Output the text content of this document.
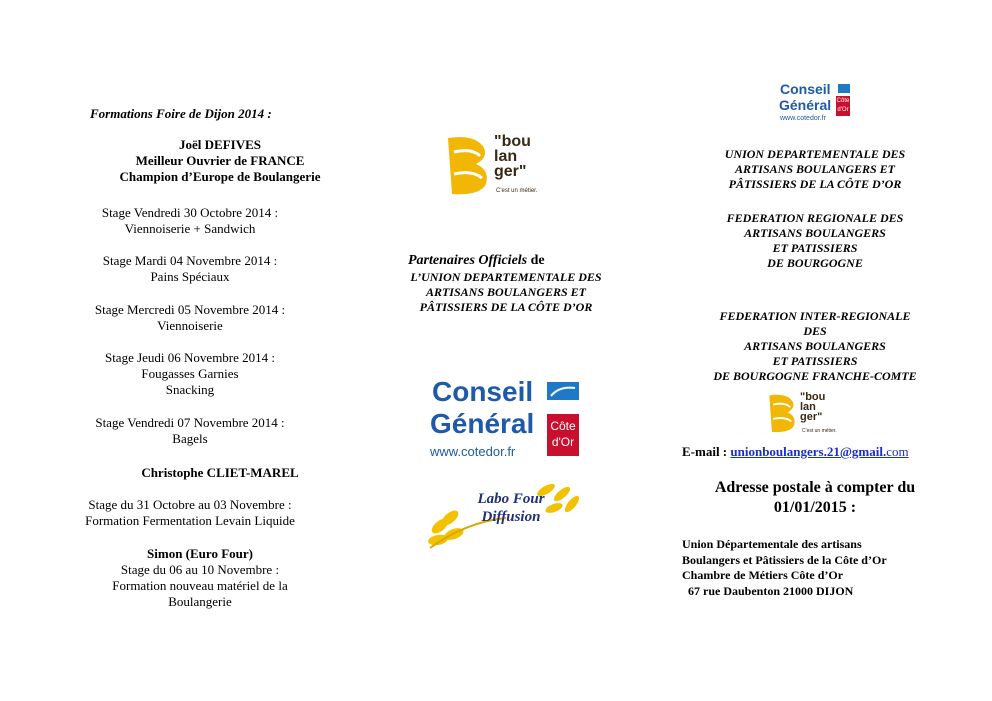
Formations Foire de Dijon 2014 :
Joël DEFIVES
Meilleur Ouvrier de FRANCE
Champion d’Europe de Boulangerie
Stage Vendredi 30 Octobre 2014 :
Viennoiserie + Sandwich
Stage Mardi 04 Novembre 2014 :
Pains Spéciaux
Stage Mercredi 05 Novembre 2014 :
Viennoiserie
Stage Jeudi 06 Novembre 2014 :
Fougasses Garnies
Snacking
Stage Vendredi 07 Novembre 2014 :
Bagels
Christophe CLIET-MAREL
Stage du 31 Octobre au 03 Novembre :
Formation Fermentation Levain Liquide
Simon (Euro Four)
Stage du 06 au 10 Novembre :
Formation nouveau matériel de la
Boulangerie
"bou
lan
ger"
C'est un métier.
Partenaires Officiels de
L’UNION DEPARTEMENTALE DES
ARTISANS BOULANGERS ET
PÂTISSIERS DE LA CÔTE D’OR
Conseil
Général Côte
d'Or
www.cotedor.fr
Labo Four
Diffusion
Conseil
Général Côte
d'Or
www.cotedor.fr
UNION DEPARTEMENTALE DES
ARTISANS BOULANGERS ET
PÂTISSIERS DE LA CÔTE D’OR
FEDERATION REGIONALE DES
ARTISANS BOULANGERS
ET PATISSIERS
DE BOURGOGNE
FEDERATION INTER-REGIONALE
DES
ARTISANS BOULANGERS
ET PATISSIERS
DE BOURGOGNE FRANCHE-COMTE
"bou
lan
ger"
C'est un métier.
E-mail : unionboulangers.21@gmail.com
Adresse postale à compter du
01/01/2015 :
Union Départementale des artisans
Boulangers et Pâtissiers de la Côte d’Or
Chambre de Métiers Côte d’Or
67 rue Daubenton 21000 DIJON
